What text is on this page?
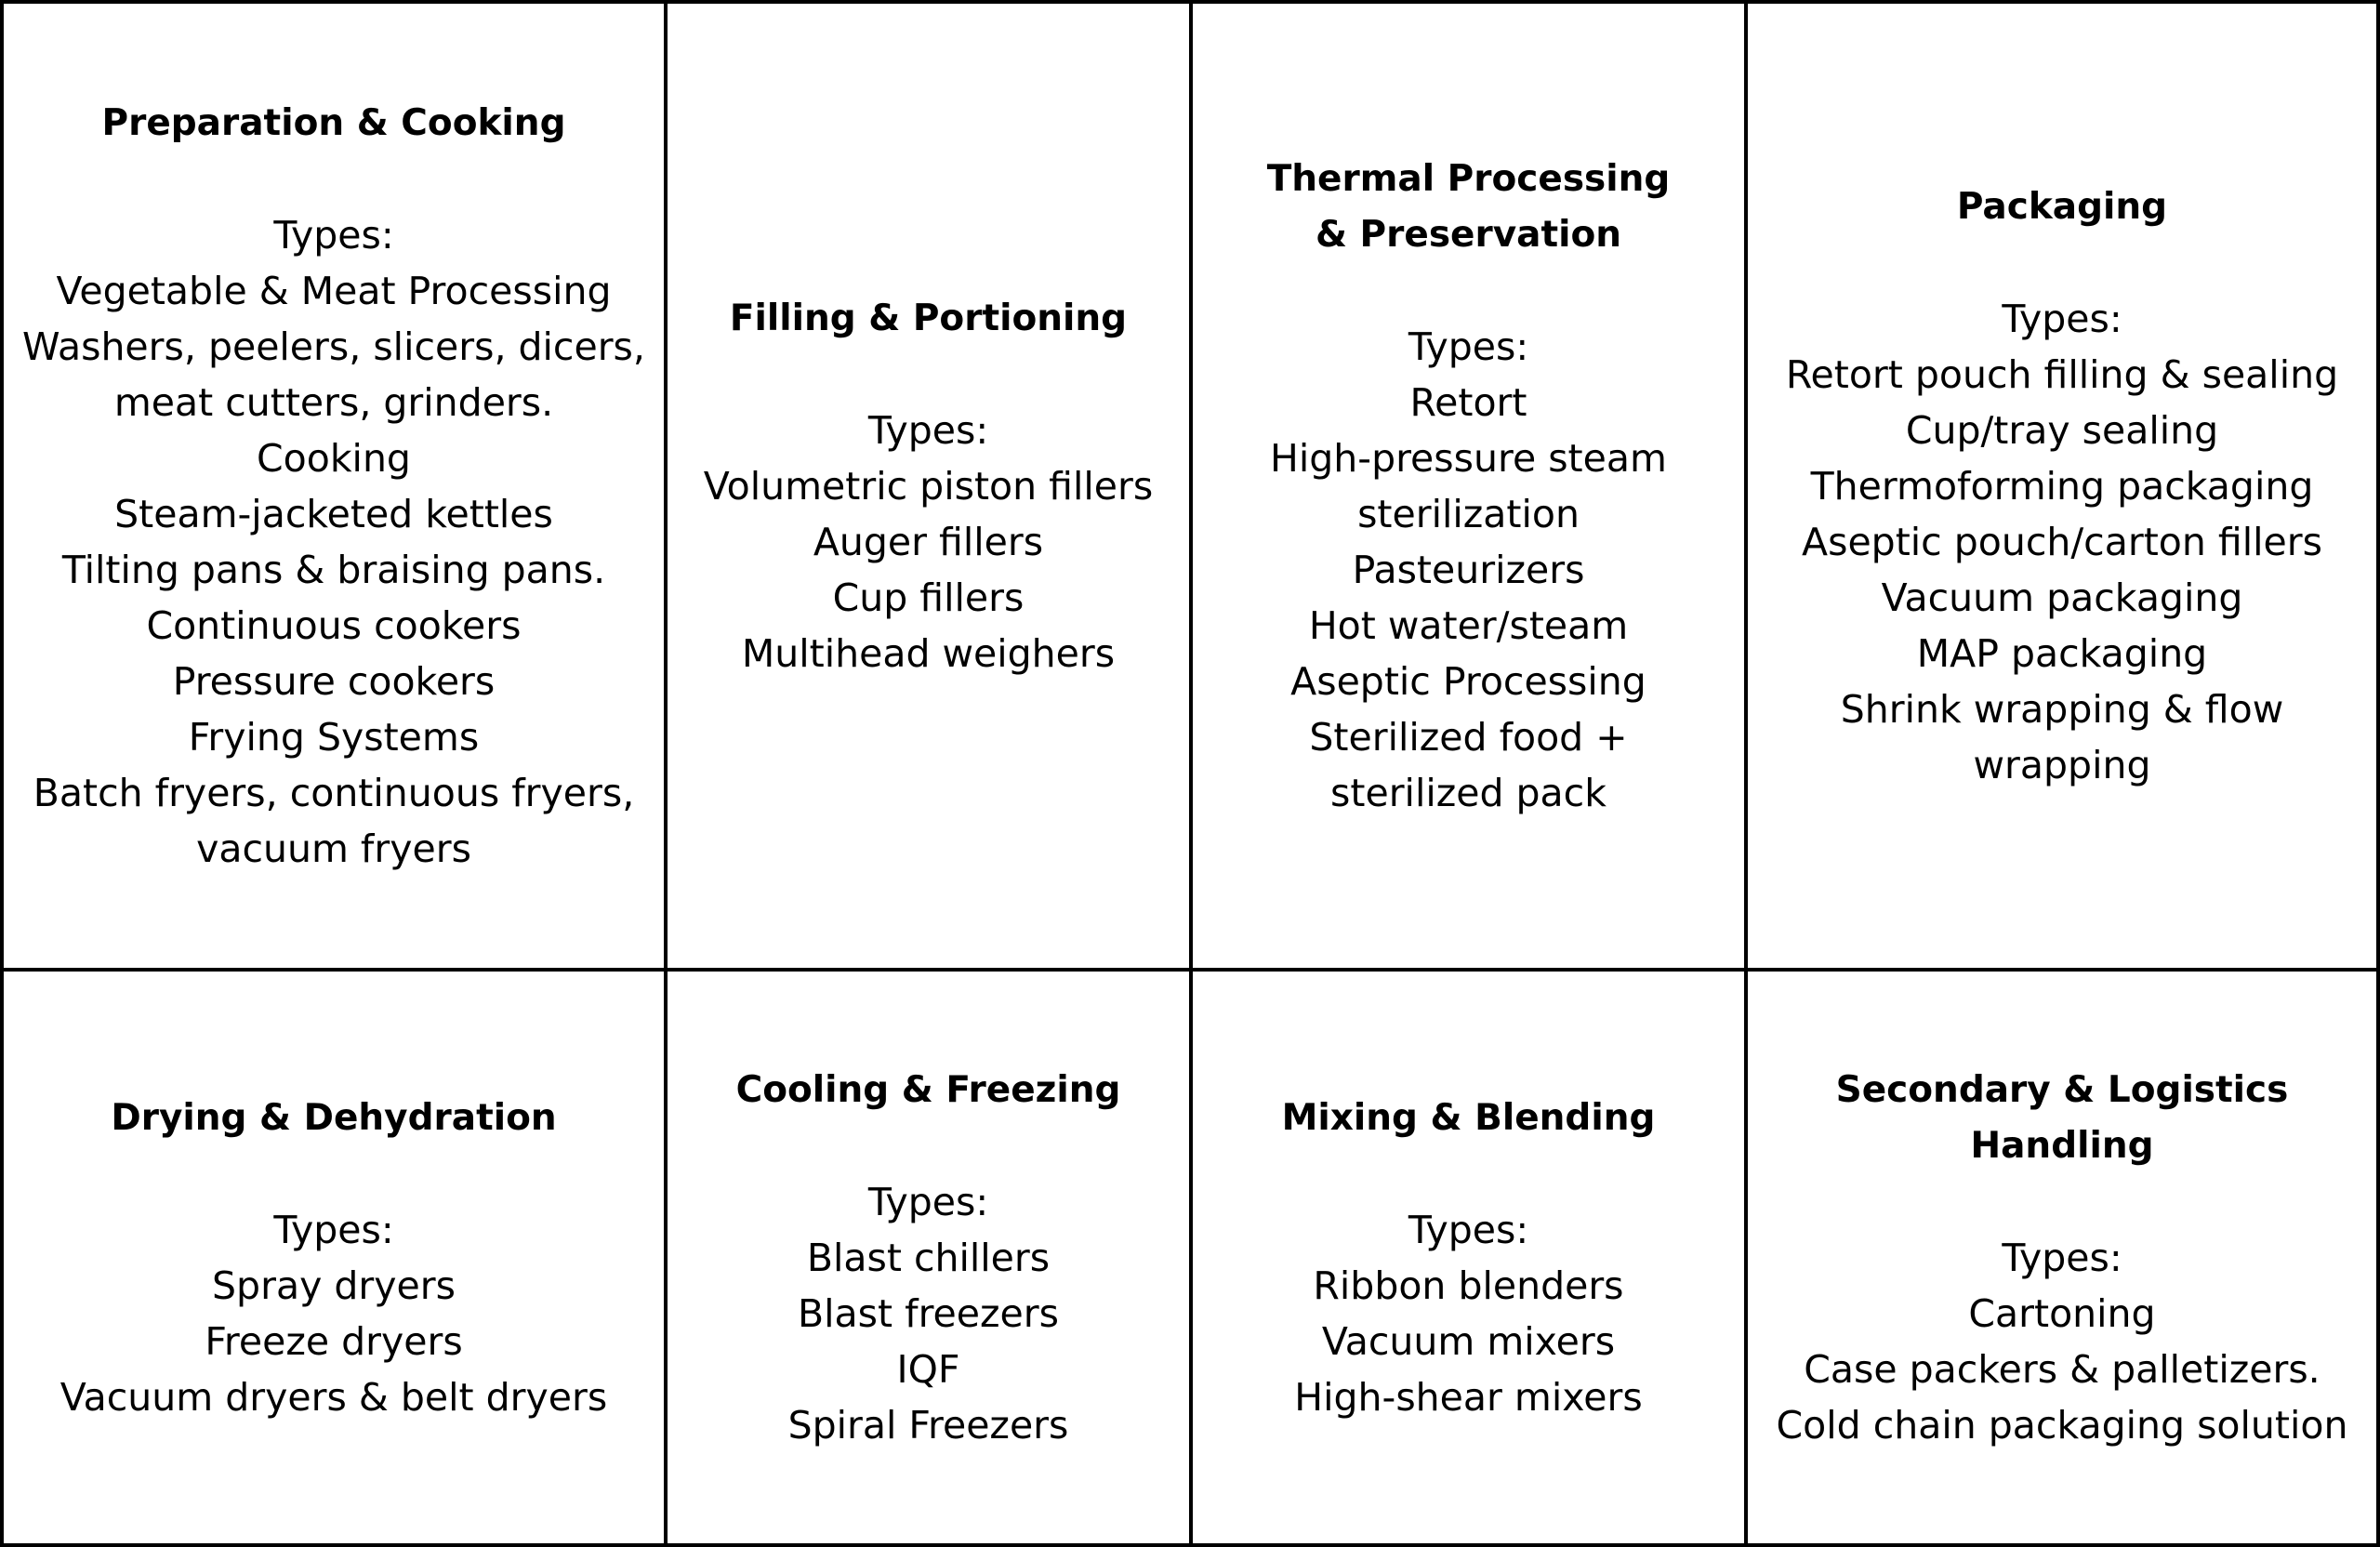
Preparation & Cooking
Types:
Vegetable & Meat Processing
Washers, peelers, slicers, dicers, meat cutters, grinders.
Cooking
Steam-jacketed kettles
Tilting pans & braising pans.
Continuous cookers
Pressure cookers
Frying Systems
Batch fryers, continuous fryers, vacuum fryers
Filling & Portioning
Types:
Volumetric piston fillers
Auger fillers
Cup fillers
Multihead weighers
Thermal Processing & Preservation
Types:
Retort
High-pressure steam sterilization
Pasteurizers
Hot water/steam
Aseptic Processing
Sterilized food + sterilized pack
Packaging
Types:
Retort pouch filling & sealing
Cup/tray sealing
Thermoforming packaging
Aseptic pouch/carton fillers
Vacuum packaging
MAP packaging
Shrink wrapping & flow wrapping
Drying & Dehydration
Types:
Spray dryers
Freeze dryers
Vacuum dryers & belt dryers
Cooling & Freezing
Types:
Blast chillers
Blast freezers
IQF
Spiral Freezers
Mixing & Blending
Types:
Ribbon blenders
Vacuum mixers
High-shear mixers
Secondary & Logistics Handling
Types:
Cartoning
Case packers & palletizers.
Cold chain packaging solution
